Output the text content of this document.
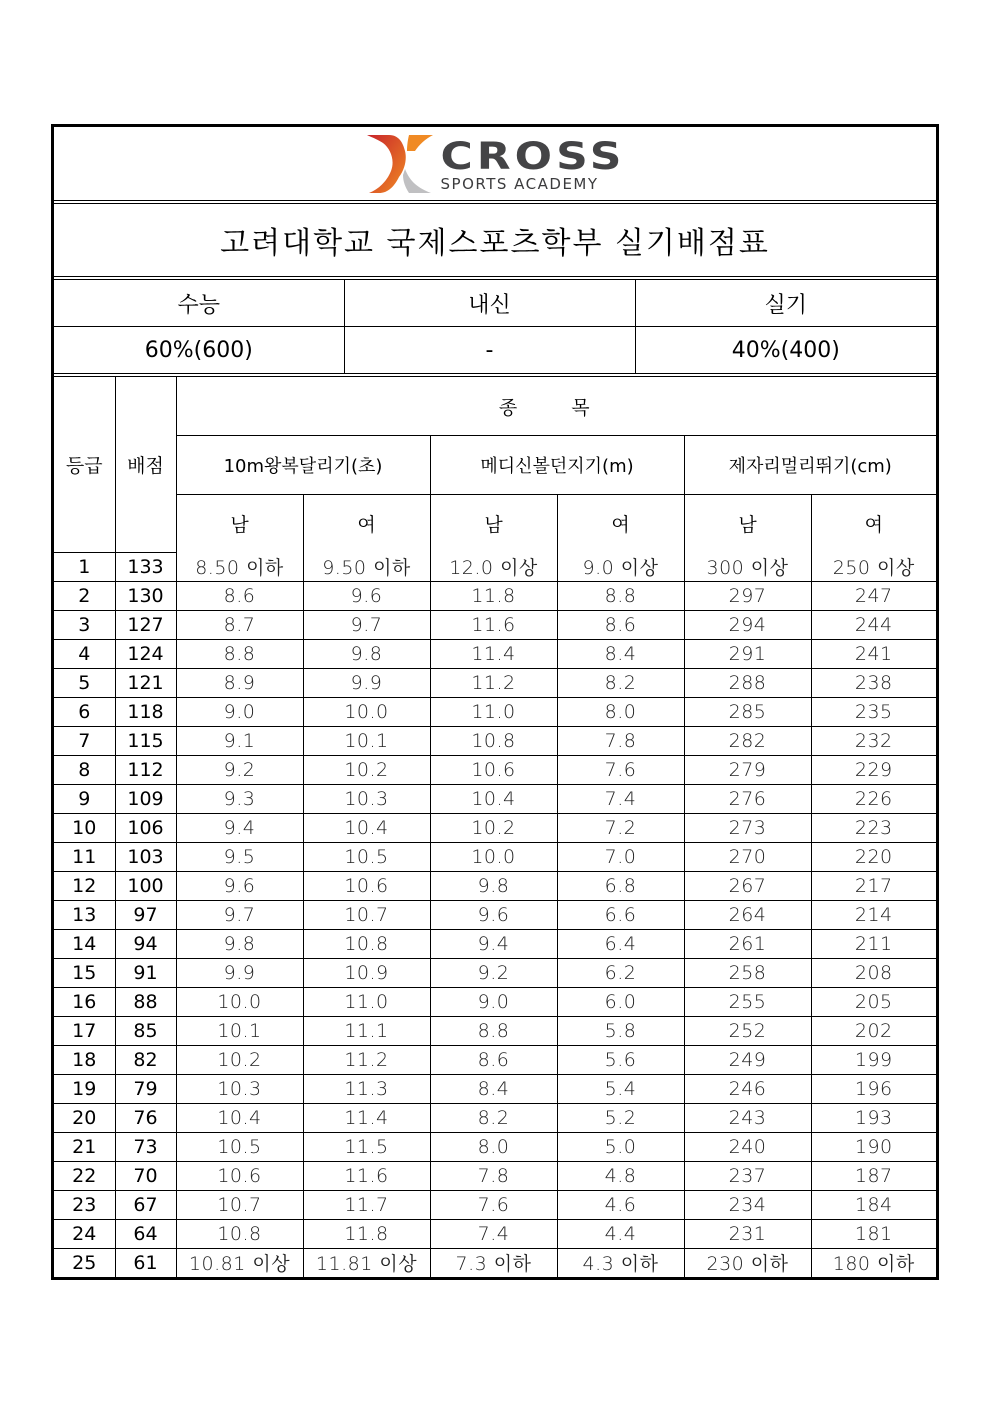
CROSS
SPORTS ACADEMY
고려대학교 국제스포츠학부 실기배점표
수능	내신	실기
60%(600)	-	40%(400)
등급	배점	종 목					
		10m왕복달리기(초)		메디신볼던지기(m)		제자리멀리뛰기(cm)	
		남	여	남	여	남	여
1	133	8.50 이하	9.50 이하	12.0 이상	9.0 이상	300 이상	250 이상
2	130	8.6	9.6	11.8	8.8	297	247
3	127	8.7	9.7	11.6	8.6	294	244
4	124	8.8	9.8	11.4	8.4	291	241
5	121	8.9	9.9	11.2	8.2	288	238
6	118	9.0	10.0	11.0	8.0	285	235
7	115	9.1	10.1	10.8	7.8	282	232
8	112	9.2	10.2	10.6	7.6	279	229
9	109	9.3	10.3	10.4	7.4	276	226
10	106	9.4	10.4	10.2	7.2	273	223
11	103	9.5	10.5	10.0	7.0	270	220
12	100	9.6	10.6	9.8	6.8	267	217
13	97	9.7	10.7	9.6	6.6	264	214
14	94	9.8	10.8	9.4	6.4	261	211
15	91	9.9	10.9	9.2	6.2	258	208
16	88	10.0	11.0	9.0	6.0	255	205
17	85	10.1	11.1	8.8	5.8	252	202
18	82	10.2	11.2	8.6	5.6	249	199
19	79	10.3	11.3	8.4	5.4	246	196
20	76	10.4	11.4	8.2	5.2	243	193
21	73	10.5	11.5	8.0	5.0	240	190
22	70	10.6	11.6	7.8	4.8	237	187
23	67	10.7	11.7	7.6	4.6	234	184
24	64	10.8	11.8	7.4	4.4	231	181
25	61	10.81 이상	11.81 이상	7.3 이하	4.3 이하	230 이하	180 이하
